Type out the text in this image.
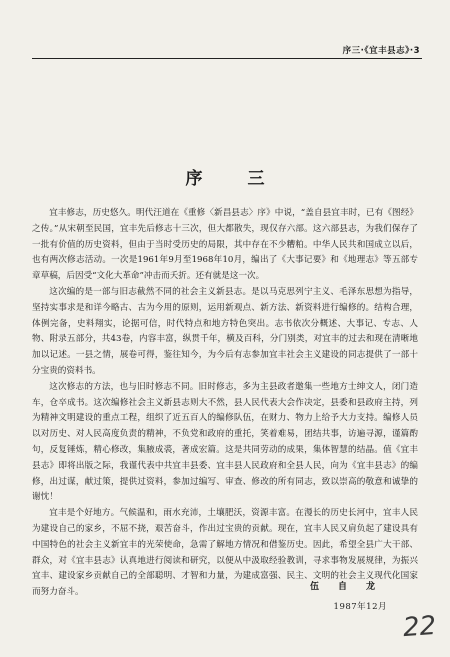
序三·《宜丰县志》·3
序　三

宜丰修志，历史悠久。明代汪道在《重修〈新昌县志〉序》中说，“盖自县宜丰时，已有《图经》之传。”从宋朝至民国，宜丰先后修志十三次，但大都散失，现仅存六部。这六部县志，为我们保存了一批有价值的历史资料，但由于当时受历史的局限，其中存在不少糟粕。中华人民共和国成立以后，也有两次修志活动。一次是1961年9月至1968年10月，编出了《大事记要》和《地理志》等五部专章草稿，后因受“文化大革命”冲击而夭折。还有就是这一次。

这次编的是一部与旧志截然不同的社会主义新县志。是以马克思列宁主义、毛泽东思想为指导，坚持实事求是和详今略古、古为今用的原则，运用新观点、新方法、新资料进行编修的。结构合理，体例完备，史料翔实，论据可信，时代特点和地方特色突出。志书依次分概述、大事记、专志、人物、附录五部分，共43卷，内容丰富，纵贯千年，横及百科，分门别类，对宜丰的过去和现在清晰地加以记述。一县之情，展卷可得，鉴往知今，为今后有志参加宜丰社会主义建设的同志提供了一部十分宝贵的资料书。

这次修志的方法，也与旧时修志不同。旧时修志，多为主县政者邀集一些地方士绅文人，闭门造车，仓卒成书。这次编修社会主义新县志则大不然，县人民代表大会作决定，县委和县政府主持，列为精神文明建设的重点工程，组织了近五百人的编修队伍，在财力、物力上给予大力支持。编修人员以对历史、对人民高度负责的精神，不负党和政府的重托，笑着难易，团结共事，访遍寻源，谨篇酌句，反复锤炼，精心修改，集腋成裘，著成宏篇。这是共同劳动的成果，集体智慧的结晶。值《宜丰县志》即将出版之际，我谨代表中共宜丰县委、宜丰县人民政府和全县人民，向为《宜丰县志》的编修，出过谋，献过策，提供过资料，参加过编写、审查、修改的所有同志，致以崇高的敬意和诚挚的谢忱！

宜丰是个好地方。气候温和，雨水充沛，土壤肥沃，资源丰富。在漫长的历史长河中，宜丰人民为建设自己的家乡，不屈不挠，艰苦奋斗，作出过宝贵的贡献。现在，宜丰人民又肩负起了建设具有中国特色的社会主义新宜丰的光荣使命，急需了解地方情况和借鉴历史。因此，希望全县广大干部、群众，对《宜丰县志》认真地进行阅读和研究，以便从中汲取经验教训，寻求事物发展规律，为振兴宜丰、建设家乡贡献自己的全部聪明、才智和力量，为建成富强、民主、文明的社会主义现代化国家而努力奋斗。

伍　自　龙
1987年12月
22
